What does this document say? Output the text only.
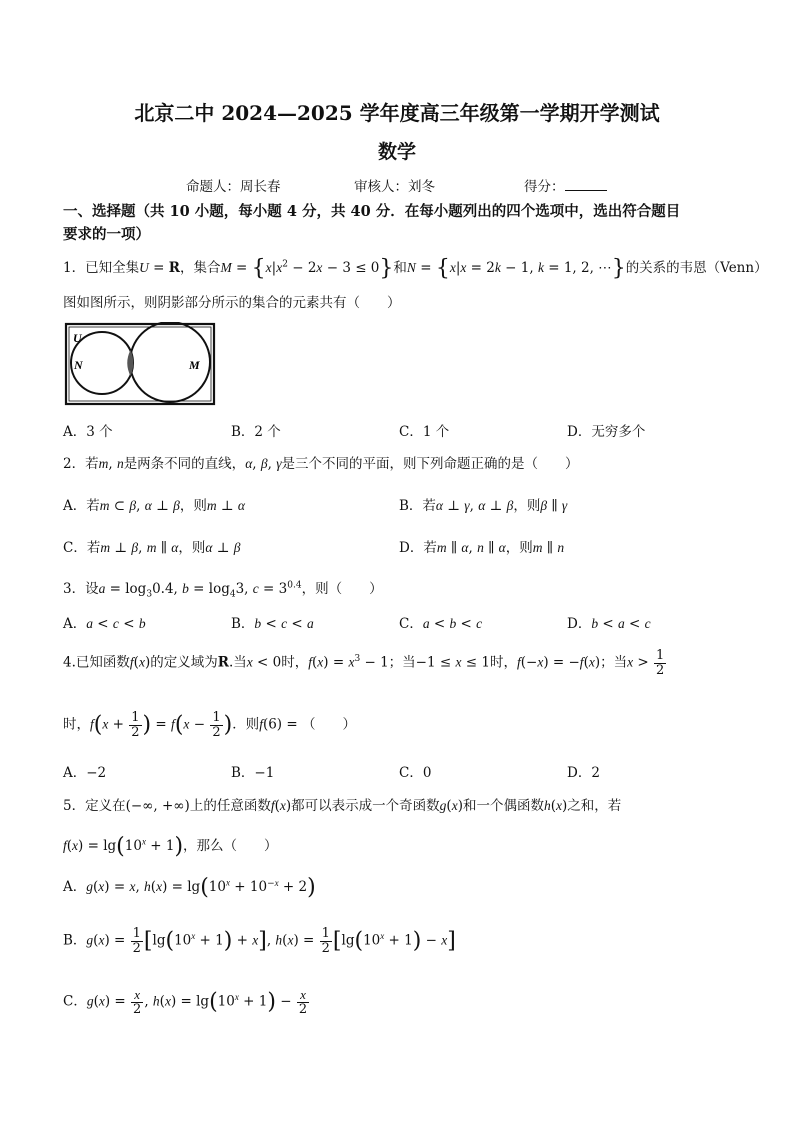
北京二中 2024—2025 学年度高三年级第一学期开学测试
数学
命题人：周长春	审核人：刘冬	得分：
一、选择题（共 10 小题，每小题 4 分，共 40 分．在每小题列出的四个选项中，选出符合题目
要求的一项）
1．已知全集U = R，集合$M = \{x|x^2 - 2x - 3 \le 0\}$和N = {x|x = 2k − 1, k = 1, 2, ⋯}的关系的韦恩（Venn）
图如图所示，则阴影部分所示的集合的元素共有（　　）
U
N	M
A．3 个	B．2 个	C．1 个	D．无穷多个
2．若m, n是两条不同的直线，α, β, γ是三个不同的平面，则下列命题正确的是（　　）
A．若m ⊂ β, α ⊥ β，则m ⊥ α	B．若α ⊥ γ, α ⊥ β，则β ∥ γ
C．若m ⊥ β, m ∥ α，则α ⊥ β	D．若m ∥ α, n ∥ α，则m ∥ n
3．设$a = \log_30.4$, $b = \log_43$, $c = 3^{0.4}$，则（　　）
A．a < c < b	B．b < c < a	C．a < b < c	D．b < a < c
4.已知函数f(x)的定义域为R.当x < 0时，$f(x) = x^3 - 1$；当−1 ≤ x ≤ 1时，f(−x) = −f(x)；当$x > \frac{1}{2}$
时，$f(x + \frac{1}{2}$ ) = $f(x - \frac{1}{2}$ )．则f(6) = （　　）
A．−2	B．−1	C．0	D．2
5．定义在(−∞, +∞)上的任意函数f(x)都可以表示成一个奇函数g(x)和一个偶函数h(x)之和，若
$f(x) = \lg(10^x + 1)$，那么（　　）
A．g(x) = x, $h(x) = \lg(10^x + 10^{-x} + 2)$
B．$g(x) = \frac{1}{2} [\lg(10^x + 1) + x]$, $h(x) = \frac{1}{2} [\lg(10^x + 1) - x]$
C．$g(x) = \frac{x}{2}$ , $h(x) = \lg(10^x + 1) - \frac{x}{2}$
